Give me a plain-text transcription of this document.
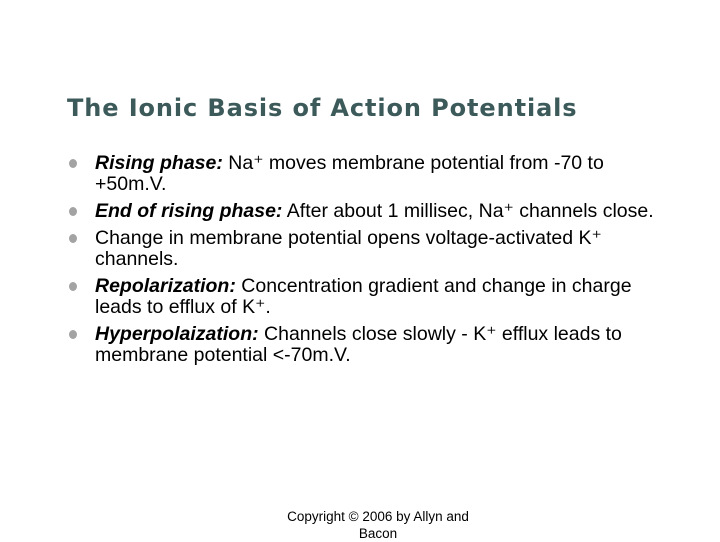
The Ionic Basis of Action Potentials
Rising phase: Na⁺ moves membrane potential from -70 to +50m.V.
End of rising phase: After about 1 millisec, Na⁺ channels close.
Change in membrane potential opens voltage-activated K⁺ channels.
Repolarization: Concentration gradient and change in charge leads to efflux of K⁺.
Hyperpolaization: Channels close slowly - K⁺ efflux leads to membrane potential <-70m.V.
Copyright © 2006 by Allyn and Bacon
